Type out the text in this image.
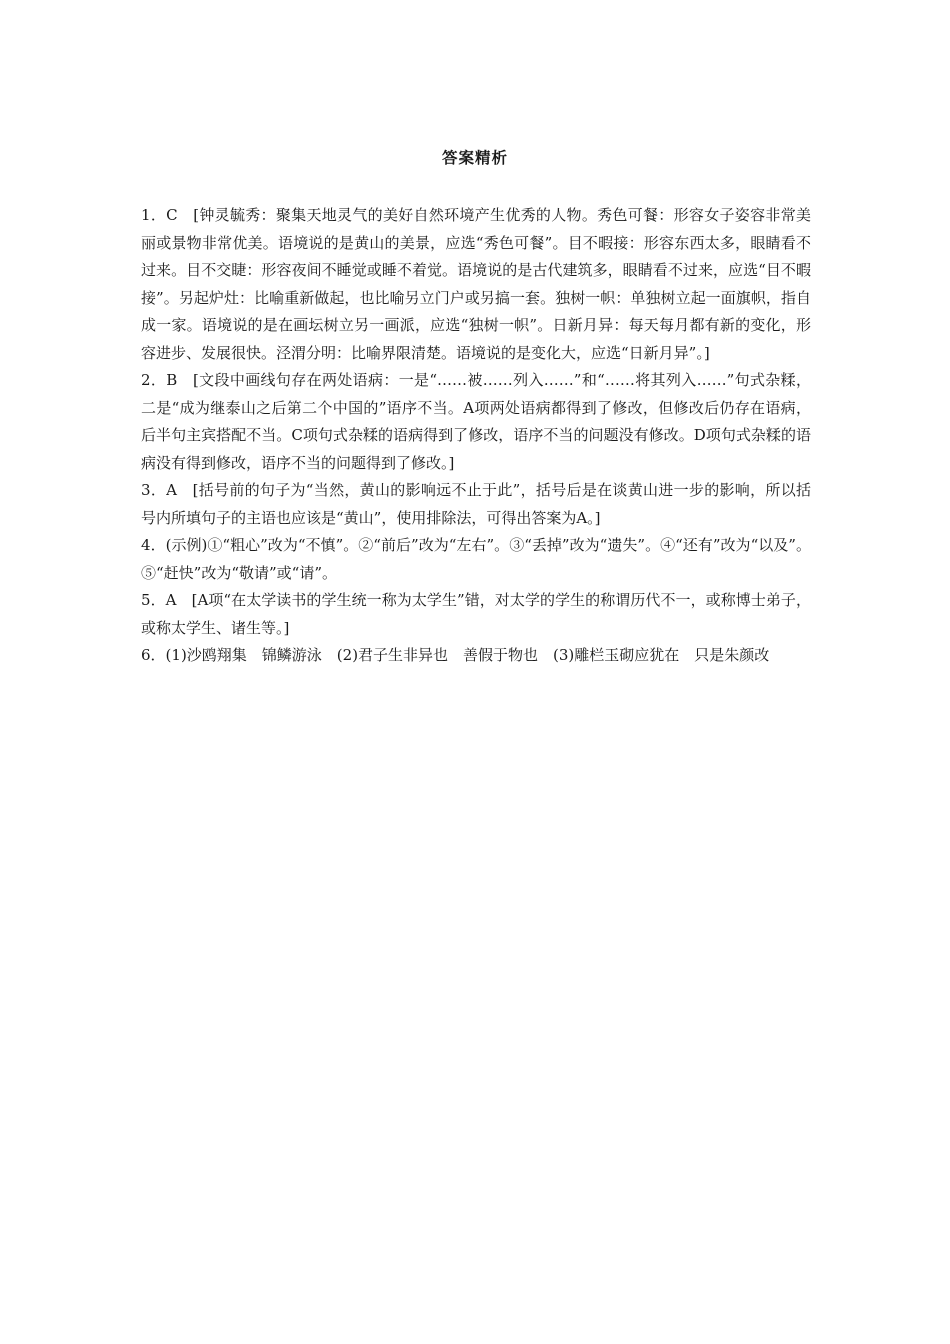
答案精析

1．C　[钟灵毓秀：聚集天地灵气的美好自然环境产生优秀的人物。秀色可餐：形容女子姿容非常美丽或景物非常优美。语境说的是黄山的美景，应选“秀色可餐”。目不暇接：形容东西太多，眼睛看不过来。目不交睫：形容夜间不睡觉或睡不着觉。语境说的是古代建筑多，眼睛看不过来，应选“目不暇接”。另起炉灶：比喻重新做起，也比喻另立门户或另搞一套。独树一帜：单独树立起一面旗帜，指自成一家。语境说的是在画坛树立另一画派，应选“独树一帜”。日新月异：每天每月都有新的变化，形容进步、发展很快。泾渭分明：比喻界限清楚。语境说的是变化大，应选“日新月异”。]

2．B　[文段中画线句存在两处语病：一是“……被……列入……”和“……将其列入……”句式杂糅，二是“成为继泰山之后第二个中国的”语序不当。A项两处语病都得到了修改，但修改后仍存在语病，后半句主宾搭配不当。C项句式杂糅的语病得到了修改，语序不当的问题没有修改。D项句式杂糅的语病没有得到修改，语序不当的问题得到了修改。]

3．A　[括号前的句子为“当然，黄山的影响远不止于此”，括号后是在谈黄山进一步的影响，所以括号内所填句子的主语也应该是“黄山”，使用排除法，可得出答案为A。]

4．(示例)①“粗心”改为“不慎”。②“前后”改为“左右”。③“丢掉”改为“遗失”。④“还有”改为“以及”。⑤“赶快”改为“敬请”或“请”。

5．A　[A项“在太学读书的学生统一称为太学生”错，对太学的学生的称谓历代不一，或称博士弟子，或称太学生、诸生等。]

6．(1)沙鸥翔集　锦鳞游泳　(2)君子生非异也　善假于物也　(3)雕栏玉砌应犹在　只是朱颜改
